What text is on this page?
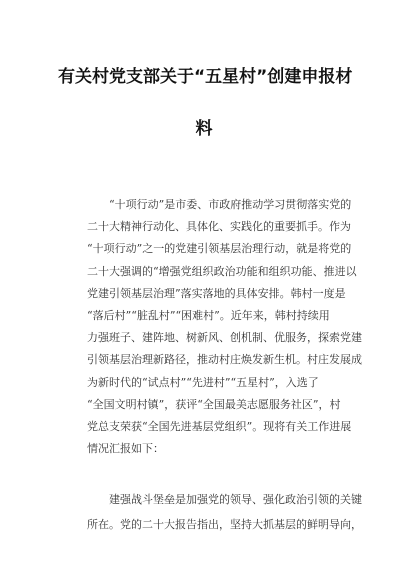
有关村党支部关于“五星村”创建申报材
料
“十项行动”是市委、市政府推动学习贯彻落实党的
二十大精神行动化、具体化、实践化的重要抓手。作为
“十项行动”之一的党建引领基层治理行动，就是将党的
二十大强调的“增强党组织政治功能和组织功能、推进以
党建引领基层治理”落实落地的具体安排。韩村一度是
“落后村”“脏乱村”“困难村”。近年来，韩村持续用
力强班子、建阵地、树新风、创机制、优服务，探索党建
引领基层治理新路径，推动村庄焕发新生机。村庄发展成
为新时代的“试点村”“先进村”“五星村”，入选了
“全国文明村镇”，获评“全国最美志愿服务社区”，村
党总支荣获“全国先进基层党组织”。现将有关工作进展
情况汇报如下：
建强战斗堡垒是加强党的领导、强化政治引领的关键
所在。党的二十大报告指出，坚持大抓基层的鲜明导向，
